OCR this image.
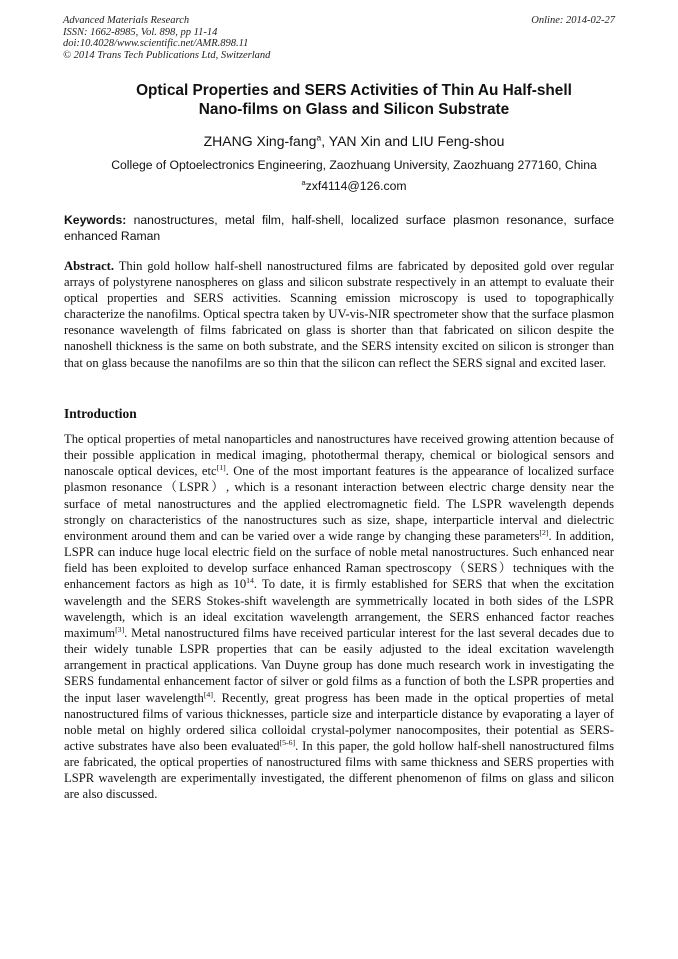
Advanced Materials Research
ISSN: 1662-8985, Vol. 898, pp 11-14
doi:10.4028/www.scientific.net/AMR.898.11
© 2014 Trans Tech Publications Ltd, Switzerland
Online: 2014-02-27
Optical Properties and SERS Activities of Thin Au Half-shell
Nano-films on Glass and Silicon Substrate
ZHANG Xing-fang$^a$, YAN Xin and LIU Feng-shou
College of Optoelectronics Engineering, Zaozhuang University, Zaozhuang 277160, China
$^a$zxf4114@126.com
Keywords: nanostructures, metal film, half-shell, localized surface plasmon resonance, surface enhanced Raman
Abstract. Thin gold hollow half-shell nanostructured films are fabricated by deposited gold over regular arrays of polystyrene nanospheres on glass and silicon substrate respectively in an attempt to evaluate their optical properties and SERS activities. Scanning emission microscopy is used to topographically characterize the nanofilms. Optical spectra taken by UV-vis-NIR spectrometer show that the surface plasmon resonance wavelength of films fabricated on glass is shorter than that fabricated on silicon despite the nanoshell thickness is the same on both substrate, and the SERS intensity excited on silicon is stronger than that on glass because the nanofilms are so thin that the silicon can reflect the SERS signal and excited laser.
Introduction
The optical properties of metal nanoparticles and nanostructures have received growing attention because of their possible application in medical imaging, photothermal therapy, chemical or biological sensors and nanoscale optical devices, etc[1]. One of the most important features is the appearance of localized surface plasmon resonance（LSPR）, which is a resonant interaction between electric charge density near the surface of metal nanostructures and the applied electromagnetic field. The LSPR wavelength depends strongly on characteristics of the nanostructures such as size, shape, interparticle interval and dielectric environment around them and can be varied over a wide range by changing these parameters[2]. In addition, LSPR can induce huge local electric field on the surface of noble metal nanostructures. Such enhanced near field has been exploited to develop surface enhanced Raman spectroscopy（SERS）techniques with the enhancement factors as high as $10^{14}$. To date, it is firmly established for SERS that when the excitation wavelength and the SERS Stokes-shift wavelength are symmetrically located in both sides of the LSPR wavelength, which is an ideal excitation wavelength arrangement, the SERS enhanced factor reaches maximum[3]. Metal nanostructured films have received particular interest for the last several decades due to their widely tunable LSPR properties that can be easily adjusted to the ideal excitation wavelength arrangement in practical applications. Van Duyne group has done much research work in investigating the SERS fundamental enhancement factor of silver or gold films as a function of both the LSPR properties and the input laser wavelength[4]. Recently, great progress has been made in the optical properties of metal nanostructured films of various thicknesses, particle size and interparticle distance by evaporating a layer of noble metal on highly ordered silica colloidal crystal-polymer nanocomposites, their potential as SERS-active substrates have also been evaluated[5-6]. In this paper, the gold hollow half-shell nanostructured films are fabricated, the optical properties of nanostructured films with same thickness and SERS properties with LSPR wavelength are experimentally investigated, the different phenomenon of films on glass and silicon are also discussed.
